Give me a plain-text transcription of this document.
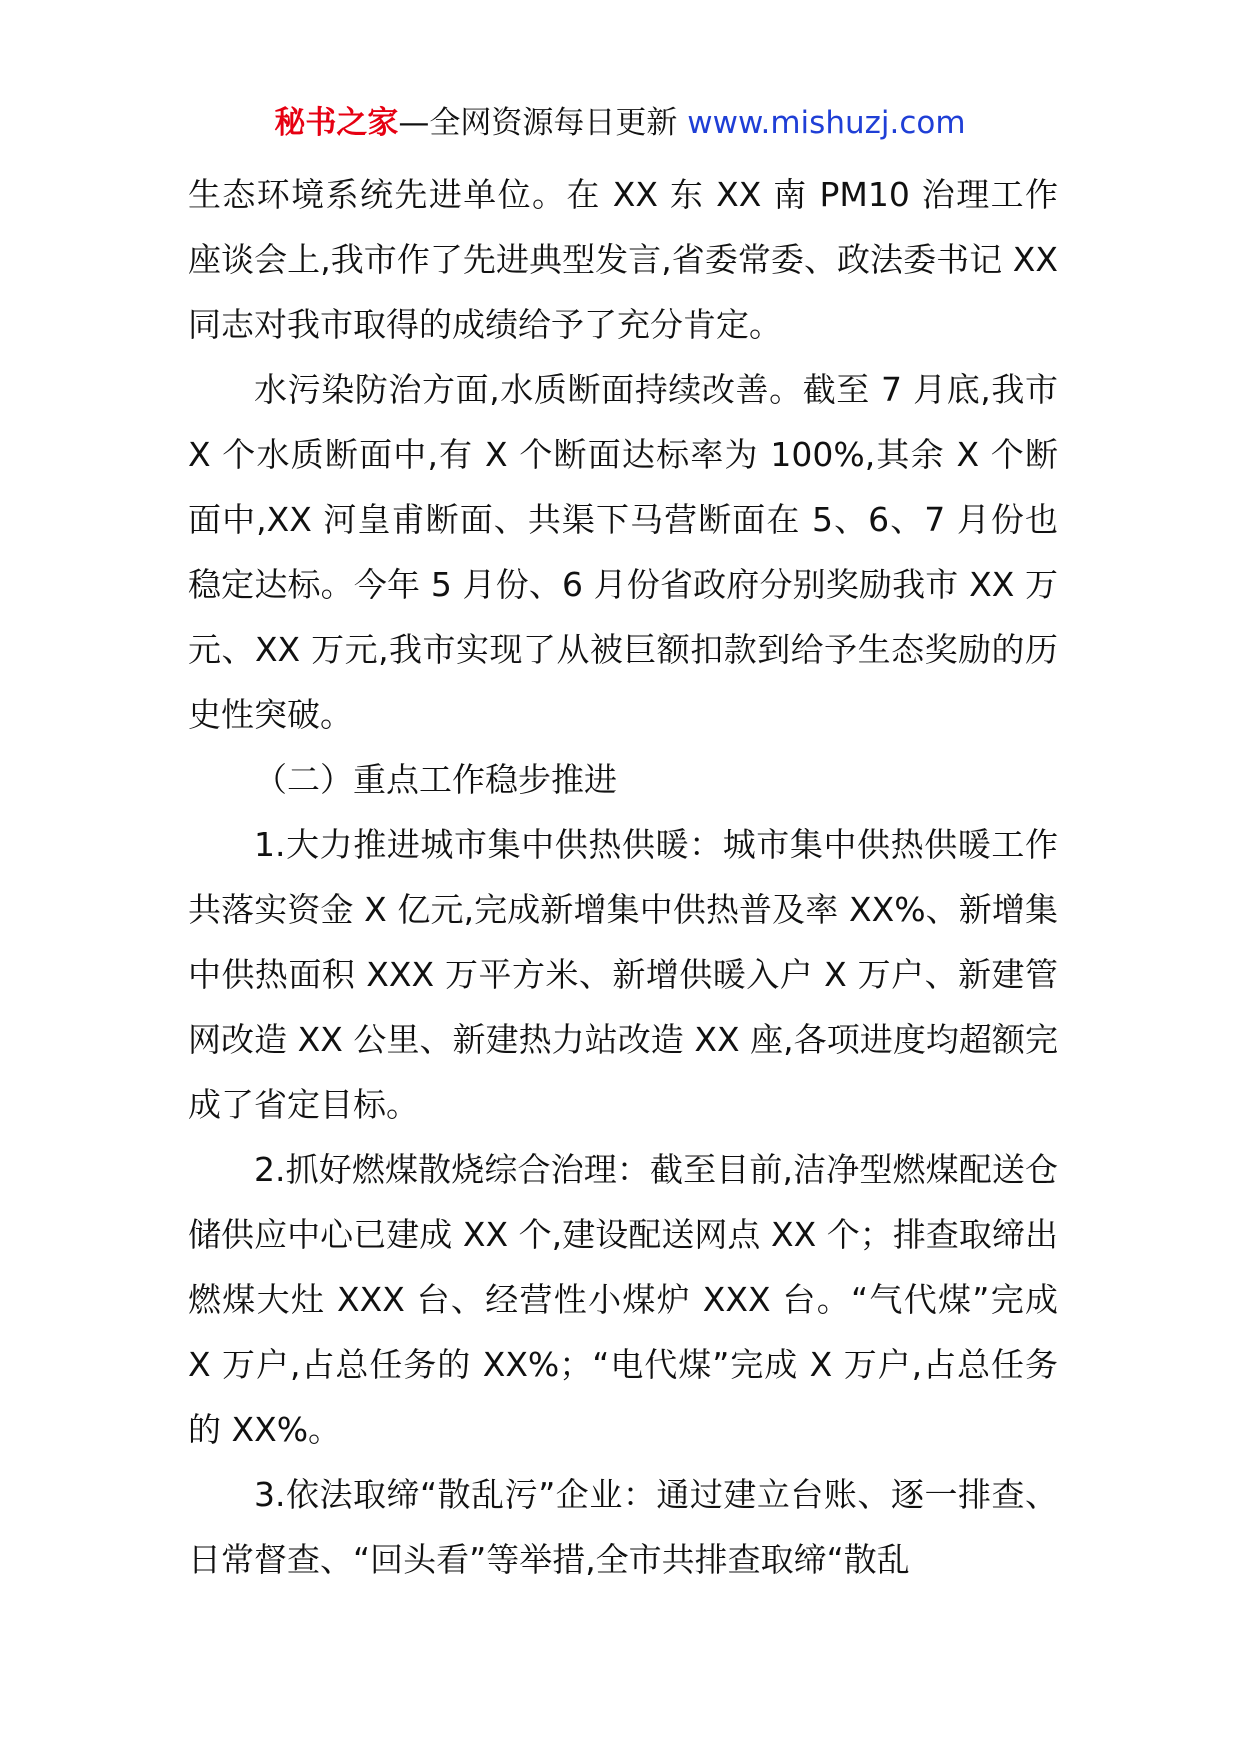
秘书之家—全网资源每日更新 www.mishuzj.com

生态环境系统先进单位。在 XX 东 XX 南 PM10 治理工作座谈会上,我市作了先进典型发言,省委常委、政法委书记 XX 同志对我市取得的成绩给予了充分肯定。

水污染防治方面,水质断面持续改善。截至 7 月底,我市 X 个水质断面中,有 X 个断面达标率为 100%,其余 X 个断面中,XX 河皇甫断面、共渠下马营断面在 5、6、7 月份也稳定达标。今年 5 月份、6 月份省政府分别奖励我市 XX 万元、XX 万元,我市实现了从被巨额扣款到给予生态奖励的历史性突破。

（二）重点工作稳步推进

1.大力推进城市集中供热供暖：城市集中供热供暖工作共落实资金 X 亿元,完成新增集中供热普及率 XX%、新增集中供热面积 XXX 万平方米、新增供暖入户 X 万户、新建管网改造 XX 公里、新建热力站改造 XX 座,各项进度均超额完成了省定目标。

2.抓好燃煤散烧综合治理：截至目前,洁净型燃煤配送仓储供应中心已建成 XX 个,建设配送网点 XX 个；排查取缔出燃煤大灶 XXX 台、经营性小煤炉 XXX 台。“气代煤”完成 X 万户,占总任务的 XX%；“电代煤”完成 X 万户,占总任务的 XX%。

3.依法取缔“散乱污”企业：通过建立台账、逐一排查、日常督查、“回头看”等举措,全市共排查取缔“散乱
